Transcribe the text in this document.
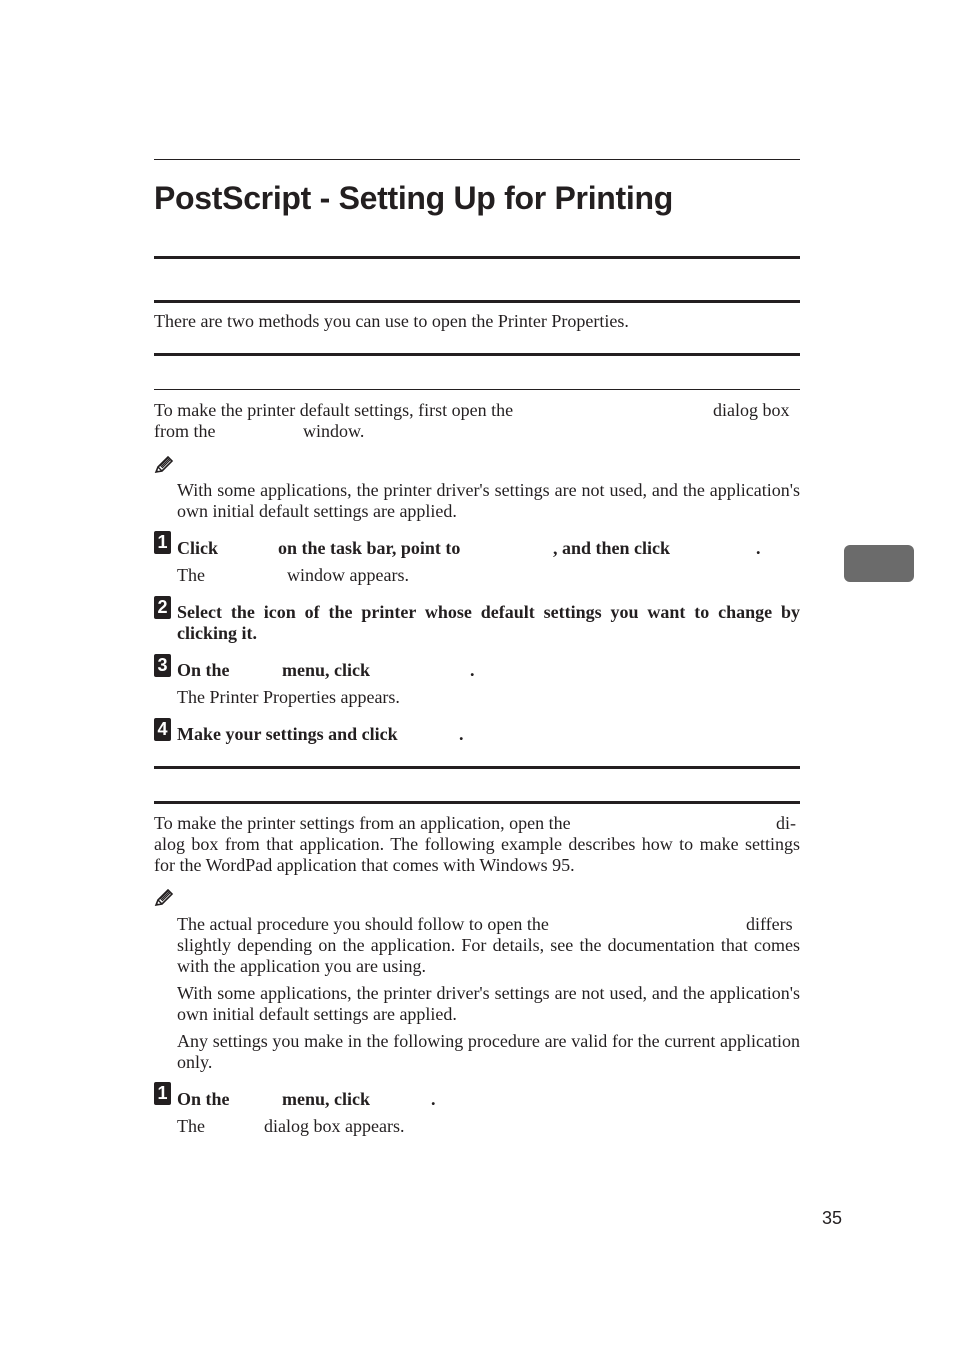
PostScript - Setting Up for Printing
There are two methods you can use to open the Printer Properties.
To make the printer default settings, first open the	dialog box
from the	window.
With some applications, the printer driver's settings are not used, and the application's own initial default settings are applied.
1 Click	on the task bar, point to	, and then click	.
The	window appears.
2 Select the icon of the printer whose default settings you want to change by clicking it.
3 On the	menu, click	.
The Printer Properties appears.
4 Make your settings and click	.
To make the printer settings from an application, open the	di-
alog box from that application. The following example describes how to make settings for the WordPad application that comes with Windows 95.
The actual procedure you should follow to open the	differs
slightly depending on the application. For details, see the documentation that comes with the application you are using.
With some applications, the printer driver's settings are not used, and the application's own initial default settings are applied.
Any settings you make in the following procedure are valid for the current application only.
1 On the	menu, click	.
The	dialog box appears.
35
